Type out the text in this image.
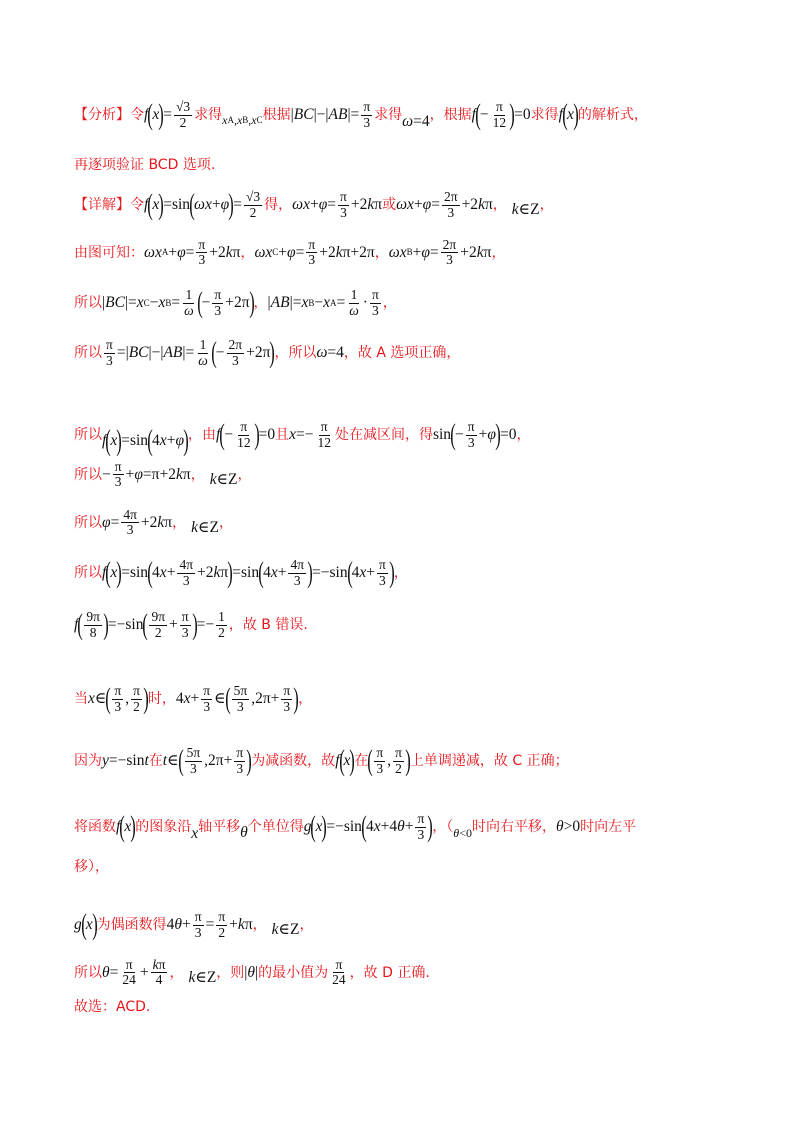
【分析】 令 f ( x ) = $\frac{√3}{2}$ 求得 x A , x B , x C 根据 | BC |−| AB |= $\frac{\pi}{3}$ 求得 ω =4 ，根据 f ( − $\frac{\pi}{12}$ ) =0 求得 f ( x ) 的解析式，
再逐项验证 BCD 选项.
【详解】 令 f ( x ) =sin ( ωx + φ ) = $\frac{√3}{2}$ 得， $\omega x + \varphi = \frac{\pi}{3} +2$ k π 或 $\omega x + \varphi = \frac{2\pi}{3} +2$ k π ， k ∈Z ，
由图可知： ωx $A + \varphi = \frac{\pi}{3} +2$ k π ， ωx $C + \varphi = \frac{\pi}{3} +2$ k π+2π ， ωx $B + \varphi = \frac{2\pi}{3} +2$ k π ，
所以 | BC |= x C − x $B = \frac{1}{\omega}$ ( − $\frac{\pi}{3} +2\pi$ ) ， | AB |= x B − x $A = \frac{1}{\omega} \cdot \frac{\pi}{3}$ ，
所以 $\frac{\pi}{3}$ =| BC |−| AB |= $\frac{1}{\omega}$ ( − $\frac{2\pi}{3} +2\pi$ ) ，所以 ω =4 ，故 A 选项正确，
所以 f ( x ) =sin ( 4 x + φ ) ，由 f ( − $\frac{\pi}{12}$ ) =0 且 $x =- \frac{\pi}{12}$ 处在减区间，得 sin ( − $\frac{\pi}{3} + \varphi$ ) =0 ，
所以 − $\frac{\pi}{3} + \varphi =\pi+2$ k π ， k ∈Z ，
所以 $\varphi = \frac{4\pi}{3} +2$ k π ， k ∈Z ，
所以 f ( x ) =sin ( 4 $x + \frac{4\pi}{3} +2$ k π ) =sin ( 4 $x + \frac{4\pi}{3}$ ) =−sin ( 4 $x + \frac{\pi}{3}$ ) ，
f ( $\frac{9\pi}{8}$ ) =−sin ( $\frac{9\pi}{2} + \frac{\pi}{3}$ ) =− $\frac{1}{2}$ ，故 B 错误.
当 x ∈ ( $\frac{\pi}{3}$ , $\frac{\pi}{2}$ ) 时， 4 $x + \frac{\pi}{3}$ ∈ ( $\frac{5\pi}{3} ,2\pi+ \frac{\pi}{3}$ ) ，
因为 y =−sin t 在 t ∈ ( $\frac{5\pi}{3} ,2\pi+ \frac{\pi}{3}$ ) 为减函数，故 f ( x ) 在 ( $\frac{\pi}{3}$ , $\frac{\pi}{2}$ ) 上单调递减，故 C 正确；
将函数 f ( x ) 的图象沿 x 轴平移 θ 个单位得 g ( x ) =−sin ( 4 x +4 $\theta + \frac{\pi}{3}$ ) ，（ θ <0 时向右平移， θ >0 时向左平
移），
g ( x ) 为偶函数得 4 $\theta + \frac{\pi}{3} = \frac{\pi}{2} + k$ π ， k ∈Z ，
所以 $\theta = \frac{\pi}{24} + \frac{k\pi}{4}$ ， k ∈Z ，则 | θ | 的最小值为 $\frac{\pi}{24}$ ，故 D 正确.
故选：ACD.
